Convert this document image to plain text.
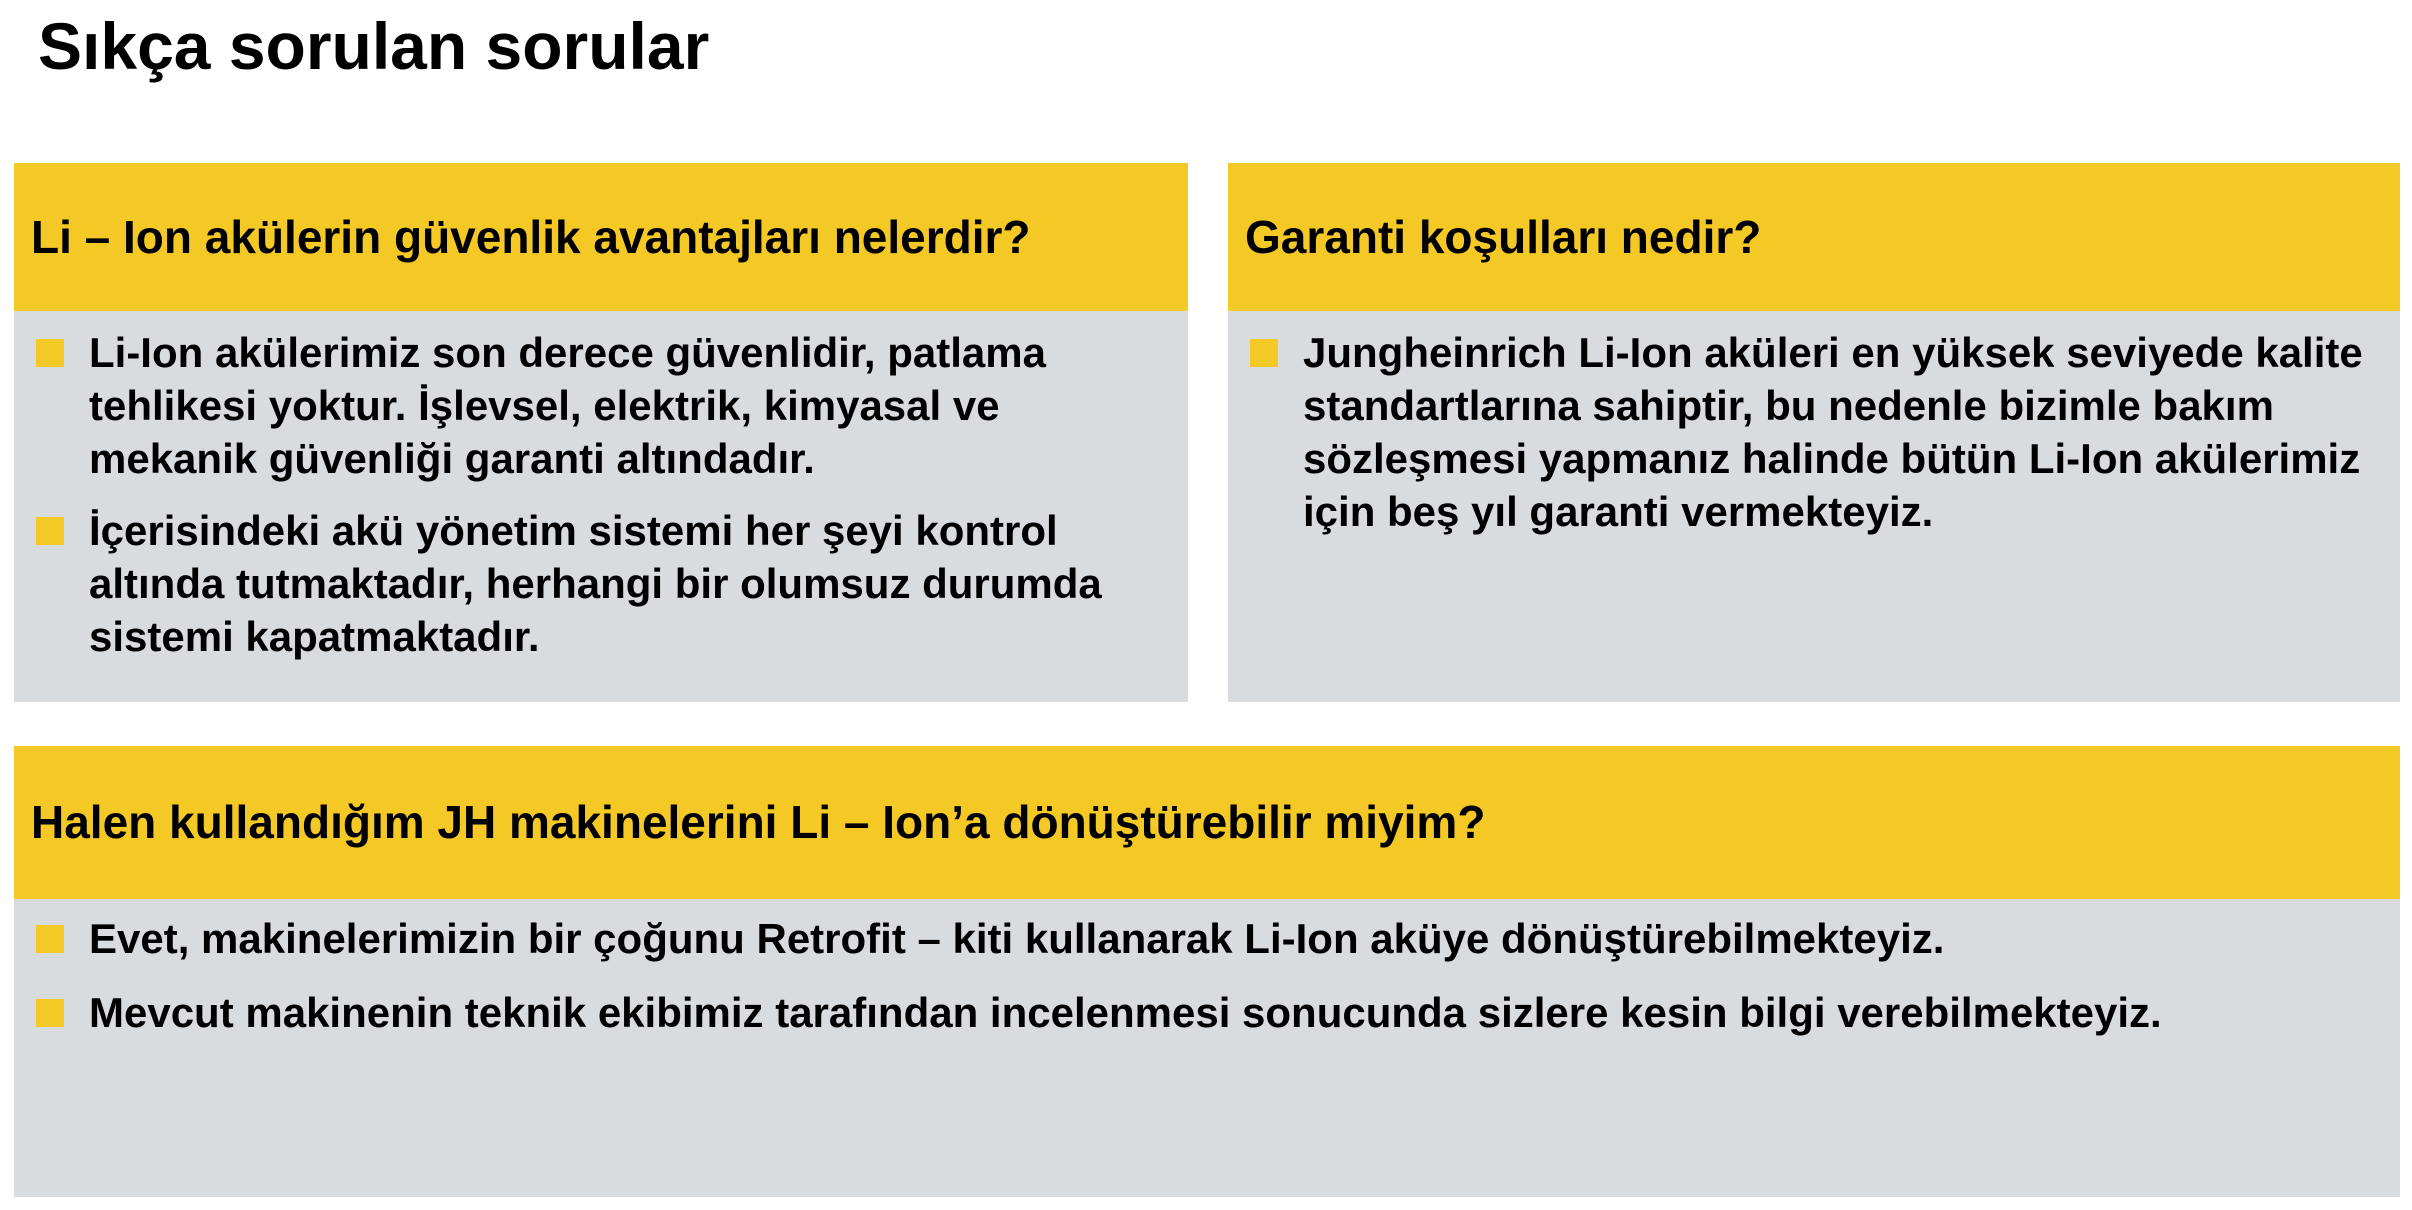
Sıkça sorulan sorular
Li – Ion akülerin güvenlik avantajları nelerdir?
Li-Ion akülerimiz son derece güvenlidir, patlama tehlikesi yoktur. İşlevsel, elektrik, kimyasal ve mekanik güvenliği garanti altındadır.
İçerisindeki akü yönetim sistemi her şeyi kontrol altında tutmaktadır, herhangi bir olumsuz durumda sistemi kapatmaktadır.
Garanti koşulları nedir?
Jungheinrich Li-Ion aküleri en yüksek seviyede kalite standartlarına sahiptir, bu nedenle bizimle bakım sözleşmesi yapmanız halinde bütün Li-Ion akülerimiz için beş yıl garanti vermekteyiz.
Halen kullandığım JH makinelerini Li – Ion’a dönüştürebilir miyim?
Evet, makinelerimizin bir çoğunu Retrofit – kiti kullanarak Li-Ion aküye dönüştürebilmekteyiz.
Mevcut makinenin teknik ekibimiz tarafından incelenmesi sonucunda sizlere kesin bilgi verebilmekteyiz.
